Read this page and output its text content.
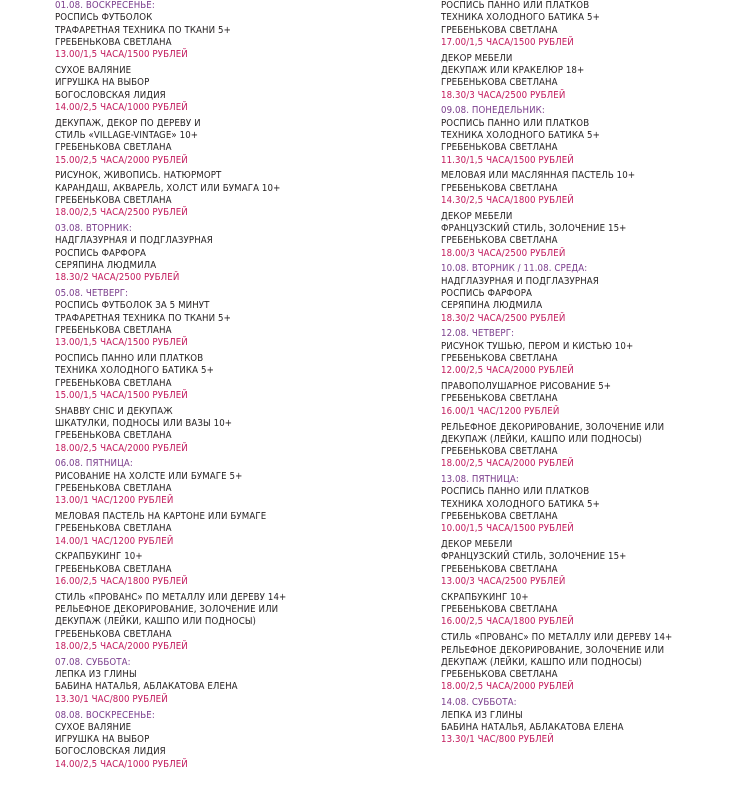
01.08. ВОСКРЕСЕНЬЕ:
РОСПИСЬ ФУТБОЛОК
ТРАФАРЕТНАЯ ТЕХНИКА ПО ТКАНИ 5+
ГРЕБЕНЬКОВА СВЕТЛАНА
13.00/1,5 ЧАСА/1500 РУБЛЕЙ
СУХОЕ ВАЛЯНИЕ
ИГРУШКА НА ВЫБОР
БОГОСЛОВСКАЯ ЛИДИЯ
14.00/2,5 ЧАСА/1000 РУБЛЕЙ
ДЕКУПАЖ, ДЕКОР ПО ДЕРЕВУ И
СТИЛЬ «VILLAGE-VINTAGE» 10+
ГРЕБЕНЬКОВА СВЕТЛАНА
15.00/2,5 ЧАСА/2000 РУБЛЕЙ
РИСУНОК, ЖИВОПИСЬ. НАТЮРМОРТ
КАРАНДАШ, АКВАРЕЛЬ, ХОЛСТ ИЛИ БУМАГА 10+
ГРЕБЕНЬКОВА СВЕТЛАНА
18.00/2,5 ЧАСА/2500 РУБЛЕЙ
03.08. ВТОРНИК:
НАДГЛАЗУРНАЯ И ПОДГЛАЗУРНАЯ
РОСПИСЬ ФАРФОРА
СЕРЯПИНА ЛЮДМИЛА
18.30/2 ЧАСА/2500 РУБЛЕЙ
05.08. ЧЕТВЕРГ:
РОСПИСЬ ФУТБОЛОК ЗА 5 МИНУТ
ТРАФАРЕТНАЯ ТЕХНИКА ПО ТКАНИ 5+
ГРЕБЕНЬКОВА СВЕТЛАНА
13.00/1,5 ЧАСА/1500 РУБЛЕЙ
РОСПИСЬ ПАННО ИЛИ ПЛАТКОВ
ТЕХНИКА ХОЛОДНОГО БАТИКА 5+
ГРЕБЕНЬКОВА СВЕТЛАНА
15.00/1,5 ЧАСА/1500 РУБЛЕЙ
SHABBY CHIC И ДЕКУПАЖ
ШКАТУЛКИ, ПОДНОСЫ ИЛИ ВАЗЫ 10+
ГРЕБЕНЬКОВА СВЕТЛАНА
18.00/2,5 ЧАСА/2000 РУБЛЕЙ
06.08. ПЯТНИЦА:
РИСОВАНИЕ НА ХОЛСТЕ ИЛИ БУМАГЕ 5+
ГРЕБЕНЬКОВА СВЕТЛАНА
13.00/1 ЧАС/1200 РУБЛЕЙ
МЕЛОВАЯ ПАСТЕЛЬ НА КАРТОНЕ ИЛИ БУМАГЕ
ГРЕБЕНЬКОВА СВЕТЛАНА
14.00/1 ЧАС/1200 РУБЛЕЙ
СКРАПБУКИНГ 10+
ГРЕБЕНЬКОВА СВЕТЛАНА
16.00/2,5 ЧАСА/1800 РУБЛЕЙ
СТИЛЬ «ПРОВАНС» ПО МЕТАЛЛУ ИЛИ ДЕРЕВУ 14+
РЕЛЬЕФНОЕ ДЕКОРИРОВАНИЕ, ЗОЛОЧЕНИЕ ИЛИ
ДЕКУПАЖ (ЛЕЙКИ, КАШПО ИЛИ ПОДНОСЫ)
ГРЕБЕНЬКОВА СВЕТЛАНА
18.00/2,5 ЧАСА/2000 РУБЛЕЙ
07.08. СУББОТА:
ЛЕПКА ИЗ ГЛИНЫ
БАБИНА НАТАЛЬЯ, АБЛАКАТОВА ЕЛЕНА
13.30/1 ЧАС/800 РУБЛЕЙ
08.08. ВОСКРЕСЕНЬЕ:
СУХОЕ ВАЛЯНИЕ
ИГРУШКА НА ВЫБОР
БОГОСЛОВСКАЯ ЛИДИЯ
14.00/2,5 ЧАСА/1000 РУБЛЕЙ
РОСПИСЬ ПАННО ИЛИ ПЛАТКОВ
ТЕХНИКА ХОЛОДНОГО БАТИКА 5+
ГРЕБЕНЬКОВА СВЕТЛАНА
17.00/1,5 ЧАСА/1500 РУБЛЕЙ
ДЕКОР МЕБЕЛИ
ДЕКУПАЖ ИЛИ КРАКЕЛЮР 18+
ГРЕБЕНЬКОВА СВЕТЛАНА
18.30/3 ЧАСА/2500 РУБЛЕЙ
09.08. ПОНЕДЕЛЬНИК:
РОСПИСЬ ПАННО ИЛИ ПЛАТКОВ
ТЕХНИКА ХОЛОДНОГО БАТИКА 5+
ГРЕБЕНЬКОВА СВЕТЛАНА
11.30/1,5 ЧАСА/1500 РУБЛЕЙ
МЕЛОВАЯ ИЛИ МАСЛЯННАЯ ПАСТЕЛЬ 10+
ГРЕБЕНЬКОВА СВЕТЛАНА
14.30/2,5 ЧАСА/1800 РУБЛЕЙ
ДЕКОР МЕБЕЛИ
ФРАНЦУЗСКИЙ СТИЛЬ, ЗОЛОЧЕНИЕ 15+
ГРЕБЕНЬКОВА СВЕТЛАНА
18.00/3 ЧАСА/2500 РУБЛЕЙ
10.08. ВТОРНИК / 11.08. СРЕДА:
НАДГЛАЗУРНАЯ И ПОДГЛАЗУРНАЯ
РОСПИСЬ ФАРФОРА
СЕРЯПИНА ЛЮДМИЛА
18.30/2 ЧАСА/2500 РУБЛЕЙ
12.08. ЧЕТВЕРГ:
РИСУНОК ТУШЬЮ, ПЕРОМ И КИСТЬЮ 10+
ГРЕБЕНЬКОВА СВЕТЛАНА
12.00/2,5 ЧАСА/2000 РУБЛЕЙ
ПРАВОПОЛУШАРНОЕ РИСОВАНИЕ 5+
ГРЕБЕНЬКОВА СВЕТЛАНА
16.00/1 ЧАС/1200 РУБЛЕЙ
РЕЛЬЕФНОЕ ДЕКОРИРОВАНИЕ, ЗОЛОЧЕНИЕ ИЛИ
ДЕКУПАЖ (ЛЕЙКИ, КАШПО ИЛИ ПОДНОСЫ)
ГРЕБЕНЬКОВА СВЕТЛАНА
18.00/2,5 ЧАСА/2000 РУБЛЕЙ
13.08. ПЯТНИЦА:
РОСПИСЬ ПАННО ИЛИ ПЛАТКОВ
ТЕХНИКА ХОЛОДНОГО БАТИКА 5+
ГРЕБЕНЬКОВА СВЕТЛАНА
10.00/1,5 ЧАСА/1500 РУБЛЕЙ
ДЕКОР МЕБЕЛИ
ФРАНЦУЗСКИЙ СТИЛЬ, ЗОЛОЧЕНИЕ 15+
ГРЕБЕНЬКОВА СВЕТЛАНА
13.00/3 ЧАСА/2500 РУБЛЕЙ
СКРАПБУКИНГ 10+
ГРЕБЕНЬКОВА СВЕТЛАНА
16.00/2,5 ЧАСА/1800 РУБЛЕЙ
СТИЛЬ «ПРОВАНС» ПО МЕТАЛЛУ ИЛИ ДЕРЕВУ 14+
РЕЛЬЕФНОЕ ДЕКОРИРОВАНИЕ, ЗОЛОЧЕНИЕ ИЛИ
ДЕКУПАЖ (ЛЕЙКИ, КАШПО ИЛИ ПОДНОСЫ)
ГРЕБЕНЬКОВА СВЕТЛАНА
18.00/2,5 ЧАСА/2000 РУБЛЕЙ
14.08. СУББОТА:
ЛЕПКА ИЗ ГЛИНЫ
БАБИНА НАТАЛЬЯ, АБЛАКАТОВА ЕЛЕНА
13.30/1 ЧАС/800 РУБЛЕЙ
